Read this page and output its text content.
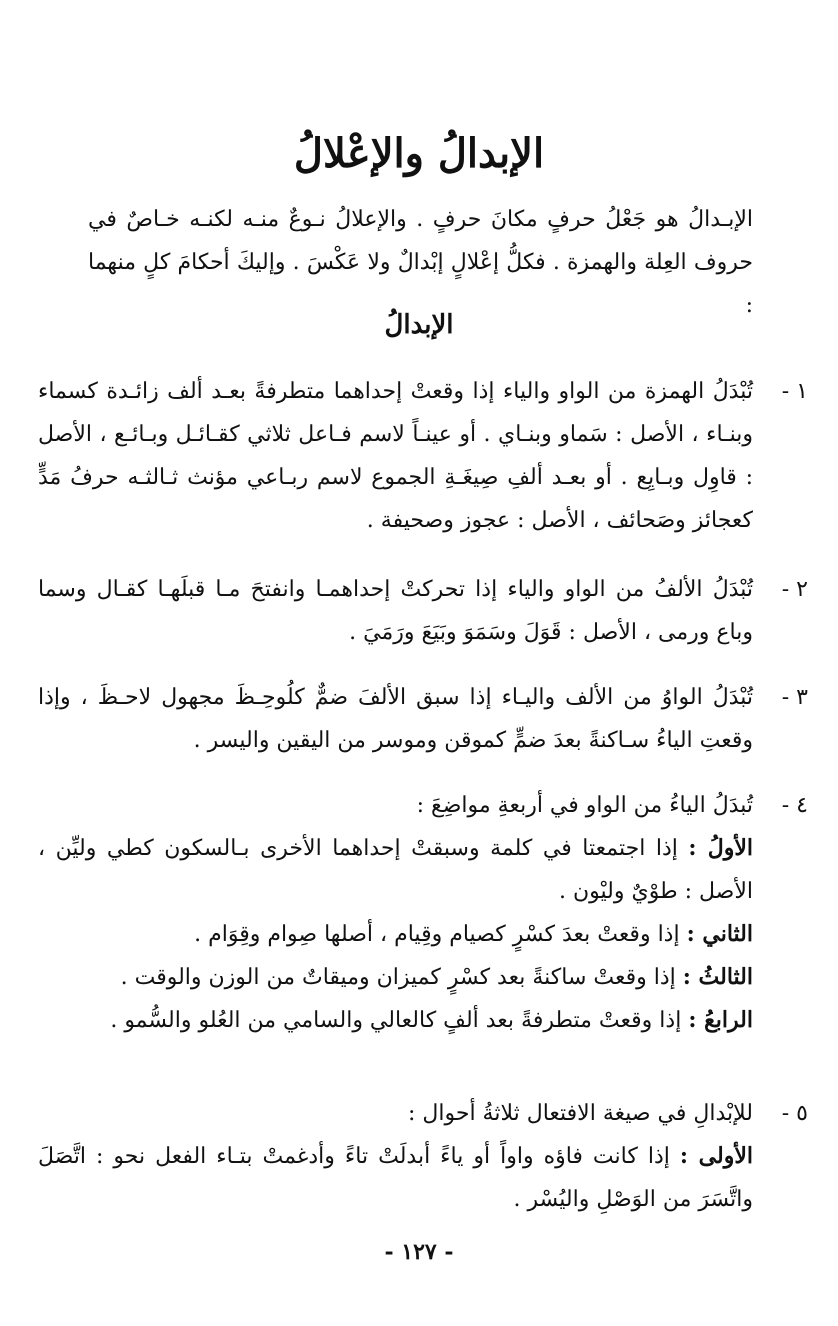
الإبدالُ والإعْلالُ
الإبـدالُ هو جَعْلُ حرفٍ مكانَ حرفٍ . والإعلالُ نـوعٌ منـه لكنـه خـاصٌ في حروف العِلة والهمزة . فكلُّ إعْلالٍ إبْدالٌ ولا عَكْسَ . وإليكَ أحكامَ كلٍ منهما :
الإبدالُ
١ -
تُبْدَلُ الهمزة من الواو والياء إذا وقعتْ إحداهما متطرفةً بعـد ألف زائـدة كسماء وبنـاء ، الأصل : سَماو وبنـاي . أو عينـاً لاسم فـاعل ثلاثي كقـائـل وبـائـع ، الأصل : قاوِل وبـايِع . أو بعـد ألفِ صِيغَـةِ الجموع لاسم ربـاعي مؤنث ثـالثـه حرفُ مَدٍّ كعجائز وصَحائف ، الأصل : عجوز وصحيفة .
٢ -
تُبْدَلُ الألفُ من الواو والياء إذا تحركتْ إحداهمـا وانفتحَ مـا قبلَهـا كقـال وسما وباع ورمى ، الأصل : قَوَلَ وسَمَوَ وبَيَعَ ورَمَيَ .
٣ -
تُبْدَلُ الواوُ من الألف واليـاء إذا سبق الألفَ ضمٌّ كلُوحِـظَ مجهول لاحـظَ ، وإذا وقعتِ الياءُ سـاكنةً بعدَ ضمٍّ كموقن وموسر من اليقين واليسر .
٤ -
تُبدَلُ الياءُ من الواو في أربعةِ مواضِعَ :
الأولُ : إذا اجتمعتا في كلمة وسبقتْ إحداهما الأخرى بـالسكون كطي وليِّن ، الأصل : طوْيٌ وليْون .
الثاني : إذا وقعتْ بعدَ كسْرٍ كصيام وقِيام ، أصلها صِوام وقِوَام .
الثالثُ : إذا وقعتْ ساكنةً بعد كسْرٍ كميزان وميقاتٌ من الوزن والوقت .
الرابعُ : إذا وقعتْ متطرفةً بعد ألفٍ كالعالي والسامي من العُلو والسُّمو .
٥ -
للإبْدالِ في صيغة الافتعال ثلاثةُ أحوال :
الأولى : إذا كانت فاؤه واواً أو ياءً أبدلَتْ تاءً وأدغمتْ بتـاء الفعل نحو : اتَّصَلَ واتَّسَرَ من الوَصْلِ واليُسْر .
- ١٢٧ -
